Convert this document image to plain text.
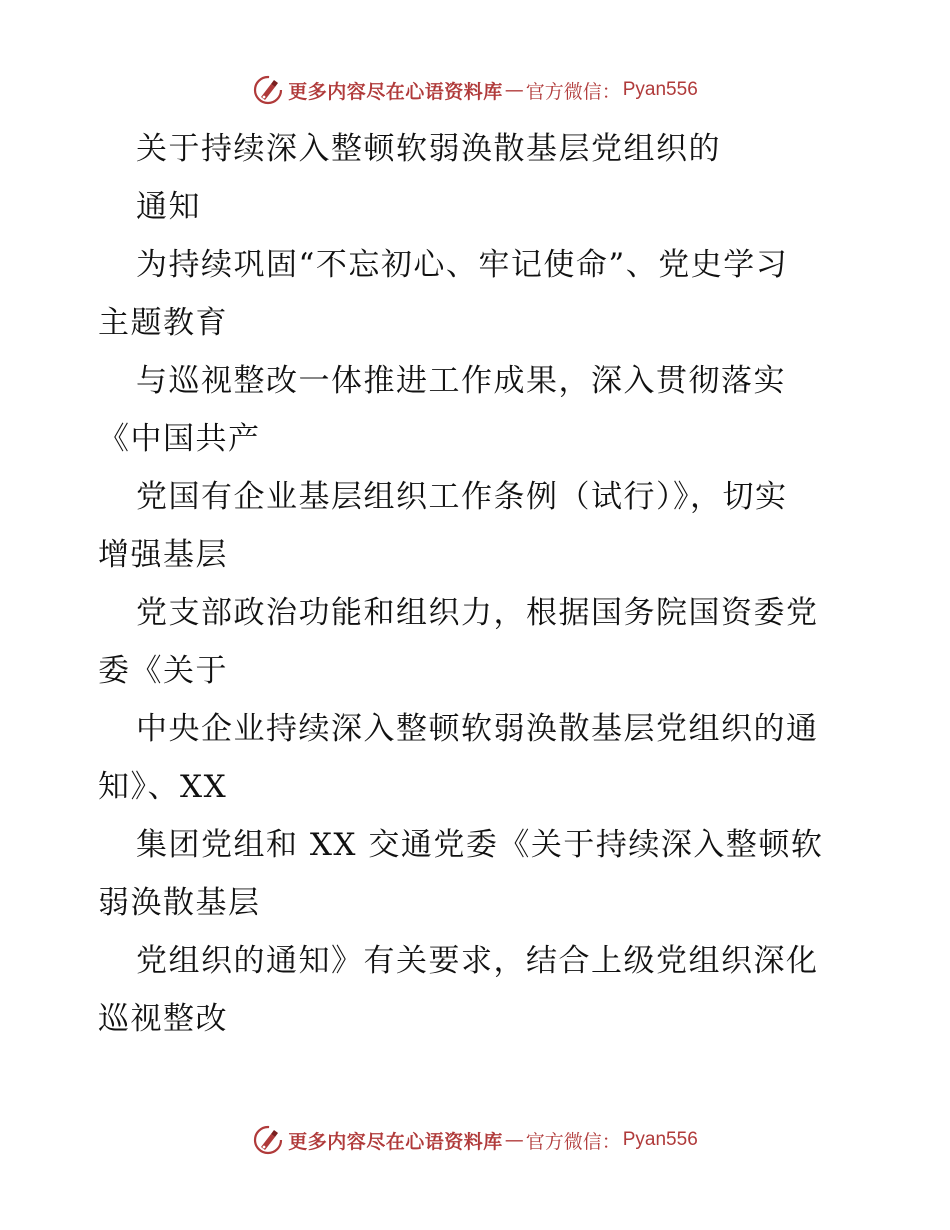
更多内容尽在心语资料库 — 官方微信： Pyan556
关于持续深入整顿软弱涣散基层党组织的
通知
为持续巩固“不忘初心、牢记使命”、党史学习
主题教育
与巡视整改一体推进工作成果，深入贯彻落实
《中国共产
党国有企业基层组织工作条例（试行）》，切实
增强基层
党支部政治功能和组织力，根据国务院国资委党
委《关于
中央企业持续深入整顿软弱涣散基层党组织的通
知》、XX
集团党组和 XX 交通党委《关于持续深入整顿软
弱涣散基层
党组织的通知》有关要求，结合上级党组织深化
巡视整改
更多内容尽在心语资料库 — 官方微信： Pyan556
